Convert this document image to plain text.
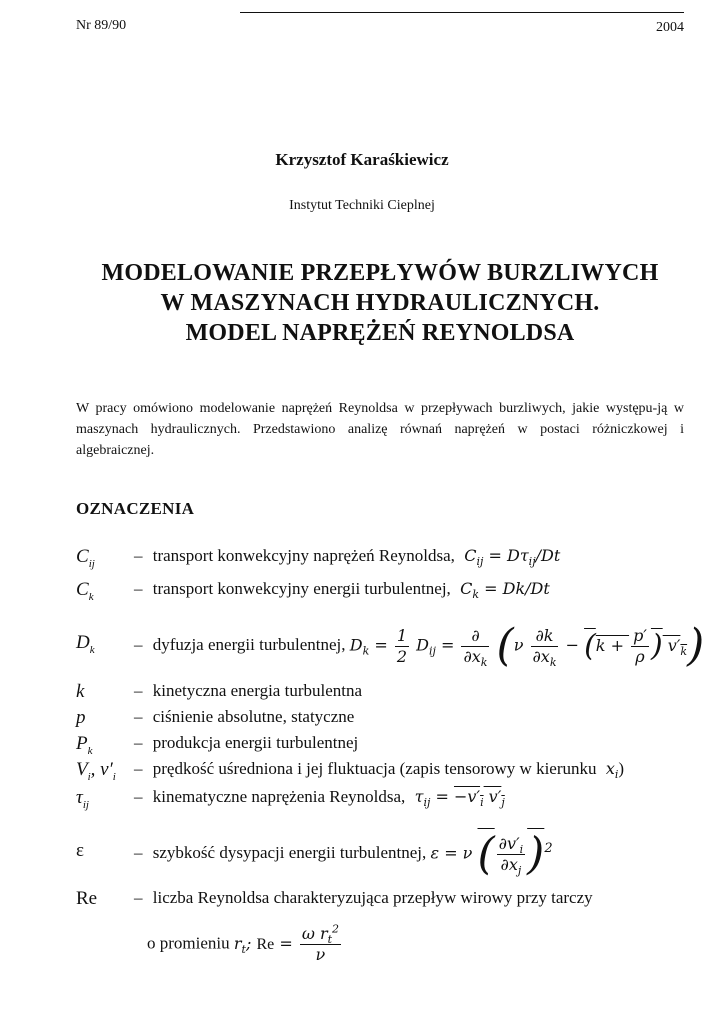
Nr 89/90	2004
Krzysztof Karaśkiewicz
Instytut Techniki Cieplnej
MODELOWANIE PRZEPŁYWÓW BURZLIWYCH
W MASZYNACH HYDRAULICZNYCH.
MODEL NAPRĘŻEŃ REYNOLDSA
W pracy omówiono modelowanie naprężeń Reynoldsa w przepływach burzliwych, jakie występu-ją w maszynach hydraulicznych. Przedstawiono analizę równań naprężeń w postaci różniczkowej i algebraicznej.
OZNACZENIA
$C_{ij}$ – transport konwekcyjny naprężeń Reynoldsa,  $C_{ij} = D\tau_{ij}/Dt$
$C_k$ – transport konwekcyjny energii turbulentnej,  $C_k = Dk/Dt$
$D_k$ – dyfuzja energii turbulentnej, $D_k = \frac{1}{2} D_{ij} = \frac{\partial}{\partial x_k} (\nu \frac{\partial k}{\partial x_k} - (k + \frac{p'}{\rho}$ ) $v'_k$)
k	– kinetyczna energia turbulentna
p	– ciśnienie absolutne, statyczne
$P_k$ – produkcja energii turbulentnej
$V_i$, $v'_i$ – prędkość uśredniona i jej fluktuacja (zapis tensorowy w kierunku  $x_i$)
$\tau_{ij}$	– kinematyczne naprężenia Reynoldsa,  $\tau_{ij} = -v'_i$ $v'_j$
ε	– szybkość dysypacji energii turbulentnej, ε = ν ( $\frac{\partial v'_i}{\partial x_j} )^2$
Re – liczba Reynoldsa charakteryzująca przepływ wirowy przy tarczy
o promieniu $r_t$; $Re = \frac{\omega r_t^2}{\nu}$
